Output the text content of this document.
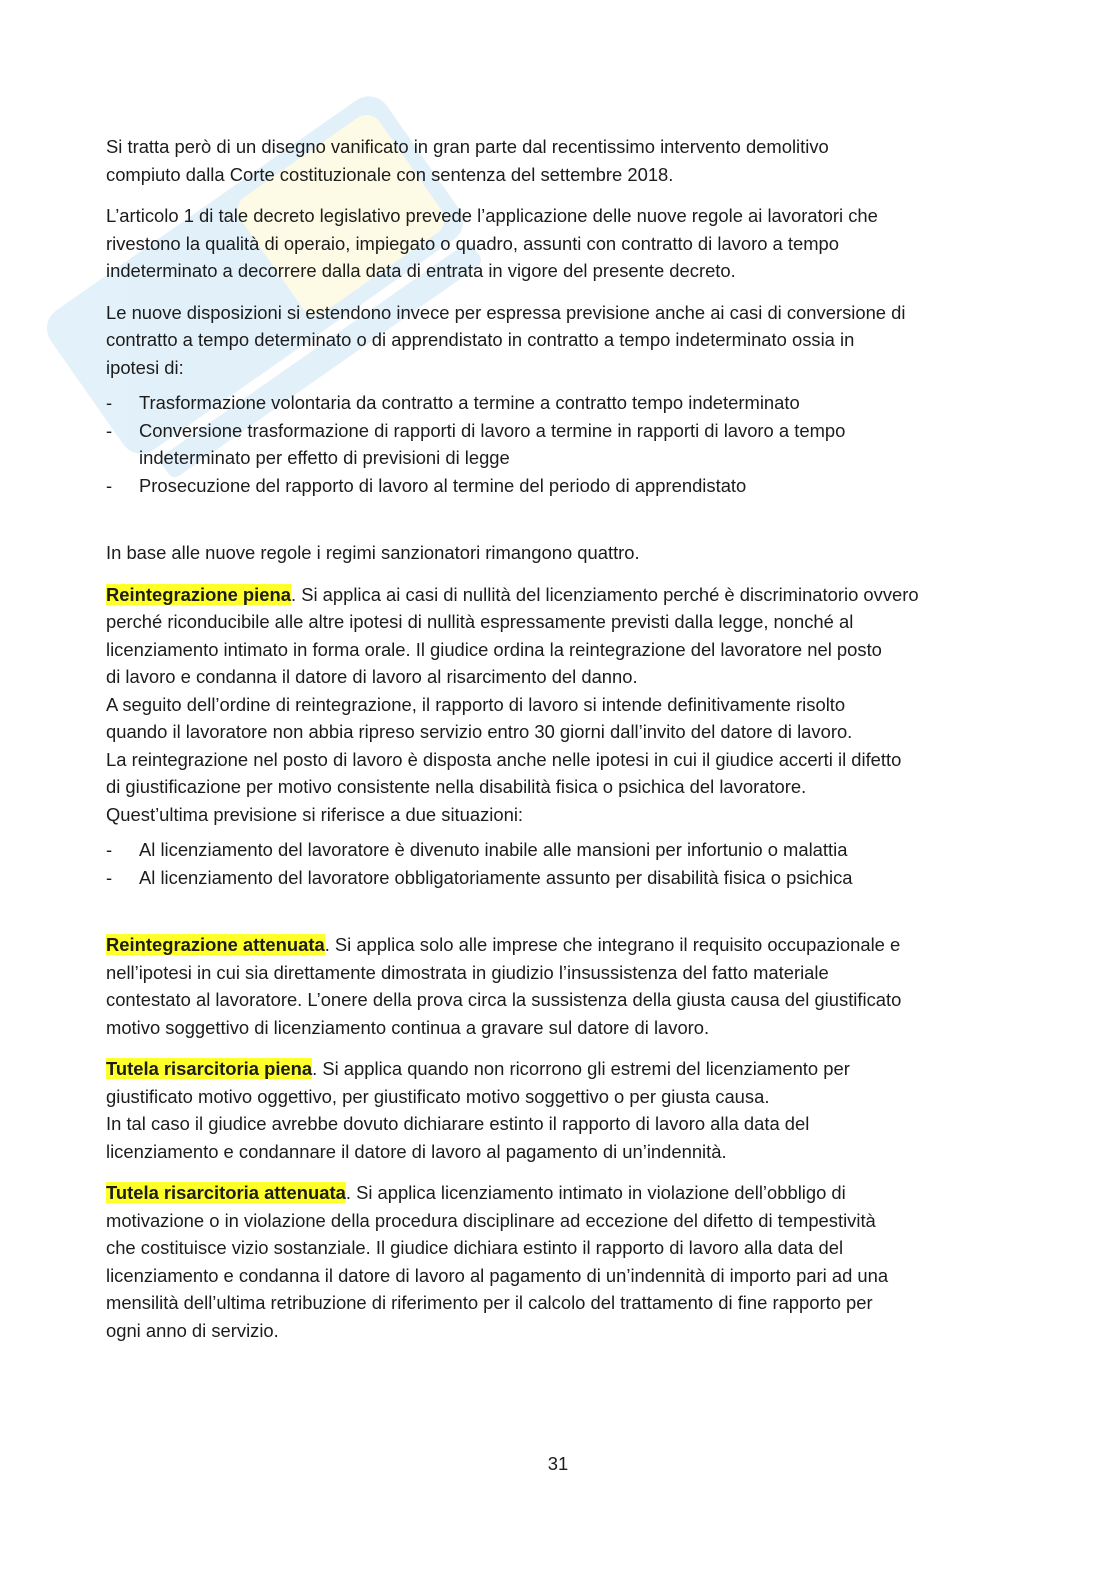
Si tratta però di un disegno vanificato in gran parte dal recentissimo intervento demolitivo
compiuto dalla Corte costituzionale con sentenza del settembre 2018.

L’articolo 1 di tale decreto legislativo prevede l’applicazione delle nuove regole ai lavoratori che
rivestono la qualità di operaio, impiegato o quadro, assunti con contratto di lavoro a tempo
indeterminato a decorrere dalla data di entrata in vigore del presente decreto.

Le nuove disposizioni si estendono invece per espressa previsione anche ai casi di conversione di
contratto a tempo determinato o di apprendistato in contratto a tempo indeterminato ossia in
ipotesi di:

- Trasformazione volontaria da contratto a termine a contratto tempo indeterminato
- Conversione trasformazione di rapporti di lavoro a termine in rapporti di lavoro a tempo
indeterminato per effetto di previsioni di legge
- Prosecuzione del rapporto di lavoro al termine del periodo di apprendistato

In base alle nuove regole i regimi sanzionatori rimangono quattro.

Reintegrazione piena. Si applica ai casi di nullità del licenziamento perché è discriminatorio ovvero
perché riconducibile alle altre ipotesi di nullità espressamente previsti dalla legge, nonché al
licenziamento intimato in forma orale. Il giudice ordina la reintegrazione del lavoratore nel posto
di lavoro e condanna il datore di lavoro al risarcimento del danno.
A seguito dell’ordine di reintegrazione, il rapporto di lavoro si intende definitivamente risolto
quando il lavoratore non abbia ripreso servizio entro 30 giorni dall’invito del datore di lavoro.
La reintegrazione nel posto di lavoro è disposta anche nelle ipotesi in cui il giudice accerti il difetto
di giustificazione per motivo consistente nella disabilità fisica o psichica del lavoratore.
Quest’ultima previsione si riferisce a due situazioni:

- Al licenziamento del lavoratore è divenuto inabile alle mansioni per infortunio o malattia
- Al licenziamento del lavoratore obbligatoriamente assunto per disabilità fisica o psichica

Reintegrazione attenuata. Si applica solo alle imprese che integrano il requisito occupazionale e
nell’ipotesi in cui sia direttamente dimostrata in giudizio l’insussistenza del fatto materiale
contestato al lavoratore. L’onere della prova circa la sussistenza della giusta causa del giustificato
motivo soggettivo di licenziamento continua a gravare sul datore di lavoro.

Tutela risarcitoria piena. Si applica quando non ricorrono gli estremi del licenziamento per
giustificato motivo oggettivo, per giustificato motivo soggettivo o per giusta causa.
In tal caso il giudice avrebbe dovuto dichiarare estinto il rapporto di lavoro alla data del
licenziamento e condannare il datore di lavoro al pagamento di un’indennità.

Tutela risarcitoria attenuata. Si applica licenziamento intimato in violazione dell’obbligo di
motivazione o in violazione della procedura disciplinare ad eccezione del difetto di tempestività
che costituisce vizio sostanziale. Il giudice dichiara estinto il rapporto di lavoro alla data del
licenziamento e condanna il datore di lavoro al pagamento di un’indennità di importo pari ad una
mensilità dell’ultima retribuzione di riferimento per il calcolo del trattamento di fine rapporto per
ogni anno di servizio.

31
